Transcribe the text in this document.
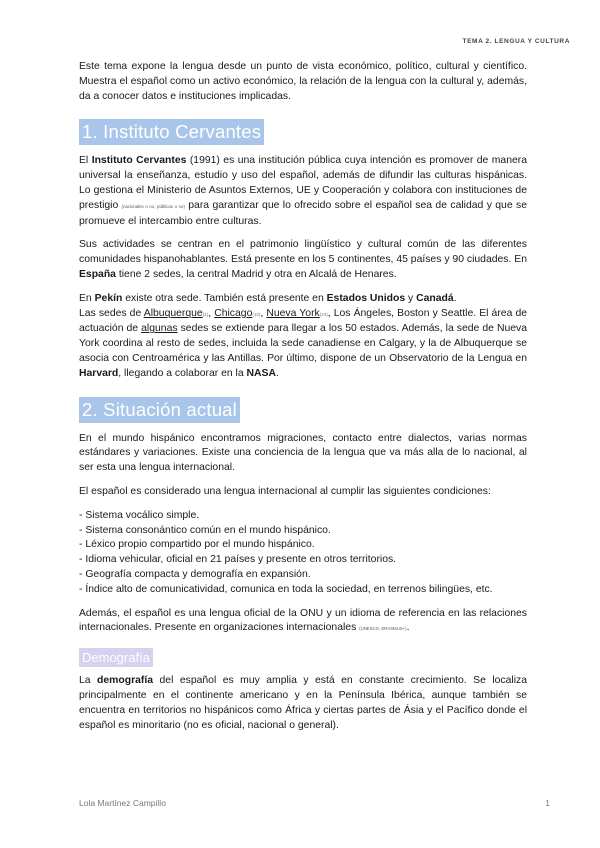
TEMA 2. LENGUA Y CULTURA

Este tema expone la lengua desde un punto de vista económico, político, cultural y científico. Muestra el español como un activo económico, la relación de la lengua con la cultural y, además, da a conocer datos e instituciones implicadas.

1. Instituto Cervantes

El Instituto Cervantes (1991) es una institución pública cuya intención es promover de manera universal la enseñanza, estudio y uso del español, además de difundir las culturas hispánicas. Lo gestiona el Ministerio de Asuntos Externos, UE y Cooperación y colabora con instituciones de prestigio (nacionales o no, públicas o no) para garantizar que lo ofrecido sobre el español sea de calidad y que se promueve el intercambio entre culturas.

Sus actividades se centran en el patrimonio lingüístico y cultural común de las diferentes comunidades hispanohablantes. Está presente en los 5 continentes, 45 países y 90 ciudades. En España tiene 2 sedes, la central Madrid y otra en Alcalá de Henares.

En Pekín existe otra sede. También está presente en Estados Unidos y Canadá.
Las sedes de Albuquerque(1), Chicago(10), Nueva York(24), Los Ángeles, Boston y Seattle. El área de actuación de algunas sedes se extiende para llegar a los 50 estados. Además, la sede de Nueva York coordina al resto de sedes, incluida la sede canadiense en Calgary, y la de Albuquerque se asocia con Centroamérica y las Antillas. Por último, dispone de un Observatorio de la Lengua en Harvard, llegando a colaborar en la NASA.

2. Situación actual

En el mundo hispánico encontramos migraciones, contacto entre dialectos, varias normas estándares y variaciones. Existe una conciencia de la lengua que va más alla de lo nacional, al ser esta una lengua internacional.

El español es considerado una lengua internacional al cumplir las siguientes condiciones:

- Sistema vocálico simple.
- Sistema consonántico común en el mundo hispánico.
- Léxico propio compartido por el mundo hispánico.
- Idioma vehicular, oficial en 21 países y presente en otros territorios.
- Geografía compacta y demografía en expansión.
- Índice alto de comunicatividad, comunica en toda la sociedad, en terrenos bilingües, etc.

Además, el español es una lengua oficial de la ONU y un idioma de referencia en las relaciones internacionales. Presente en organizaciones internacionales (UNESCO, ERASMUS+).

Demografía

La demografía del español es muy amplia y está en constante crecimiento. Se localiza principalmente en el continente americano y en la Península Ibérica, aunque también se encuentra en territorios no hispánicos como África y ciertas partes de Ásia y el Pacífico donde el español es minoritario (no es oficial, nacional o general).

Lola Martínez Campillo	1
